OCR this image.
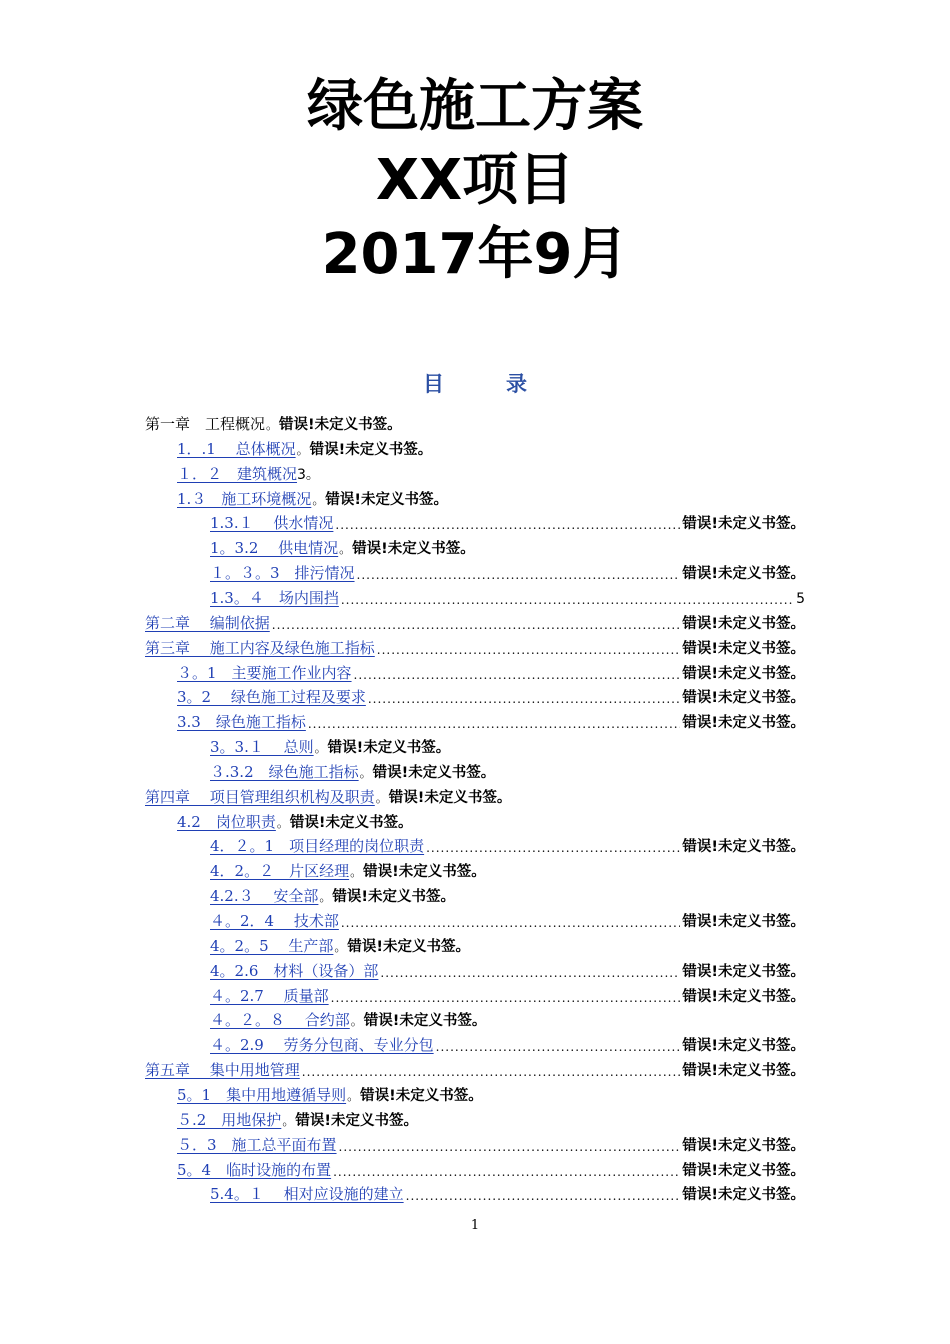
绿色施工方案
XX项目
2017年9月
目录
第一章　工程概况 。 错误!未定义书签。
1．.1　 总体概况 。 错误!未定义书签。
１．２　建筑概况 3。
1.３　施工环境概况 。 错误!未定义书签。
1.3.１　 供水情况 .....	错误!未定义书签。
1。3.2　 供电情况 。 错误!未定义书签。
１。３。3　排污情况 .....	错误!未定义书签。
1.3。４　场内围挡 .....	5
第二章　 编制依据 .....	错误!未定义书签。
第三章　 施工内容及绿色施工指标 .....	错误!未定义书签。
３。1　主要施工作业内容 .....	错误!未定义书签。
3。2　 绿色施工过程及要求 .....	错误!未定义书签。
3.3　绿色施工指标 .....	错误!未定义书签。
3。3.１　 总则 。 错误!未定义书签。
３.3.2　绿色施工指标 。 错误!未定义书签。
第四章　 项目管理组织机构及职责 。 错误!未定义书签。
4.2　岗位职责 。 错误!未定义书签。
4．２。1　项目经理的岗位职责 .....	错误!未定义书签。
4．2。２　片区经理 。 错误!未定义书签。
4.2.３　 安全部 。 错误!未定义书签。
４。2．4　 技术部 .....	错误!未定义书签。
4。2。5　 生产部 。 错误!未定义书签。
4。2.6　材料（设备）部 .....	错误!未定义书签。
４。2.7　 质量部 .....	错误!未定义书签。
４。２。８　 合约部 。 错误!未定义书签。
４。2.9　 劳务分包商、专业分包 .....	错误!未定义书签。
第五章　 集中用地管理 .....	错误!未定义书签。
5。1　集中用地遵循导则 。 错误!未定义书签。
５.2　用地保护 。 错误!未定义书签。
５．3　施工总平面布置 .....	错误!未定义书签。
5。4　临时设施的布置 .....	错误!未定义书签。
5.4。１　 相对应设施的建立 .....	错误!未定义书签。
1
